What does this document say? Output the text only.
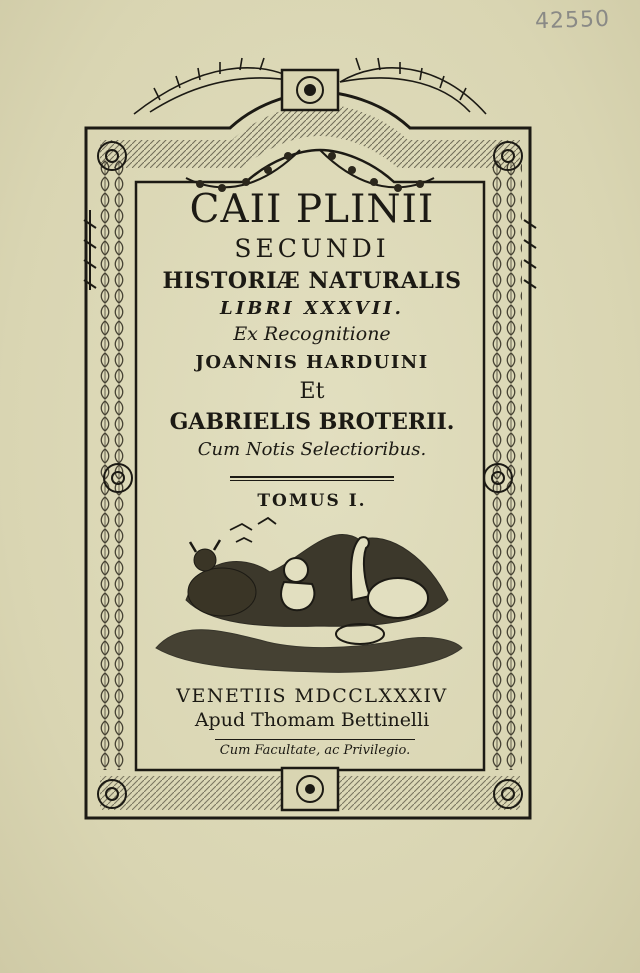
42550
CAII PLINII
SECUNDI
HISTORIÆ NATURALIS
LIBRI XXXVII.
Ex Recognitione
JOANNIS HARDUINI
Et
GABRIELIS BROTERII.
Cum Notis Selectioribus.
TOMUS I.
VENETIIS MDCCLXXXIV
Apud Thomam Bettinelli
Cum Facultate, ac Privilegio.
